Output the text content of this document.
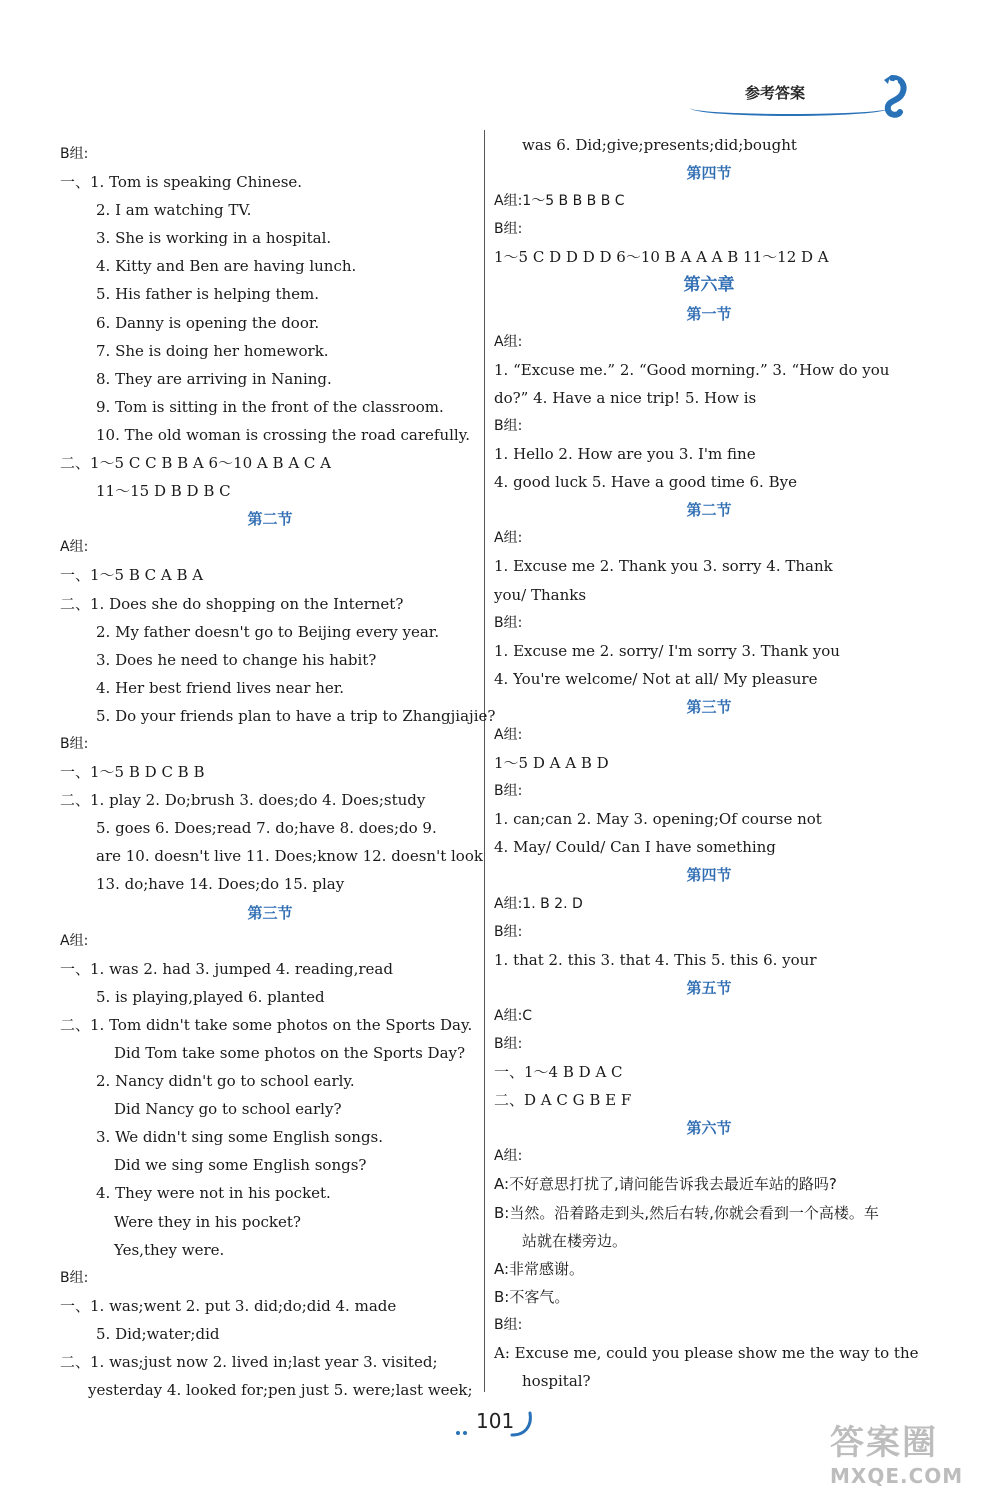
参考答案
B组:
一、1. Tom is speaking Chinese.
2. I am watching TV.
3. She is working in a hospital.
4. Kitty and Ben are having lunch.
5. His father is helping them.
6. Danny is opening the door.
7. She is doing her homework.
8. They are arriving in Naning.
9. Tom is sitting in the front of the classroom.
10. The old woman is crossing the road carefully.
二、1～5 C C B B A 6～10 A B A C A
11～15 D B D B C
第二节
A组:
一、1～5 B C A B A
二、1. Does she do shopping on the Internet?
2. My father doesn't go to Beijing every year.
3. Does he need to change his habit?
4. Her best friend lives near her.
5. Do your friends plan to have a trip to Zhangjiajie?
B组:
一、1～5 B D C B B
二、1. play 2. Do;brush 3. does;do 4. Does;study
5. goes 6. Does;read 7. do;have 8. does;do 9.
are 10. doesn't live 11. Does;know 12. doesn't look
13. do;have 14. Does;do 15. play
第三节
A组:
一、1. was 2. had 3. jumped 4. reading,read
5. is playing,played 6. planted
二、1. Tom didn't take some photos on the Sports Day.
Did Tom take some photos on the Sports Day?
2. Nancy didn't go to school early.
Did Nancy go to school early?
3. We didn't sing some English songs.
Did we sing some English songs?
4. They were not in his pocket.
Were they in his pocket?
Yes,they were.
B组:
一、1. was;went 2. put 3. did;do;did 4. made
5. Did;water;did
二、1. was;just now 2. lived in;last year 3. visited;
yesterday 4. looked for;pen just 5. were;last week;
was 6. Did;give;presents;did;bought
第四节
A组:1～5 B B B B C
B组:
1～5 C D D D D 6～10 B A A A B 11～12 D A
第六章
第一节
A组:
1. “Excuse me.” 2. “Good morning.” 3. “How do you
do?” 4. Have a nice trip! 5. How is
B组:
1. Hello 2. How are you 3. I'm fine
4. good luck 5. Have a good time 6. Bye
第二节
A组:
1. Excuse me 2. Thank you 3. sorry 4. Thank
you/ Thanks
B组:
1. Excuse me 2. sorry/ I'm sorry 3. Thank you
4. You're welcome/ Not at all/ My pleasure
第三节
A组:
1～5 D A A B D
B组:
1. can;can 2. May 3. opening;Of course not
4. May/ Could/ Can I have something
第四节
A组:1. B 2. D
B组:
1. that 2. this 3. that 4. This 5. this 6. your
第五节
A组:C
B组:
一、1～4 B D A C
二、D A C G B E F
第六节
A组:
A:不好意思打扰了,请问能告诉我去最近车站的路吗?
B:当然。沿着路走到头,然后右转,你就会看到一个高楼。车
站就在楼旁边。
A:非常感谢。
B:不客气。
B组:
A: Excuse me, could you please show me the way to the
hospital?
101
答案圈
MXQE.COM
